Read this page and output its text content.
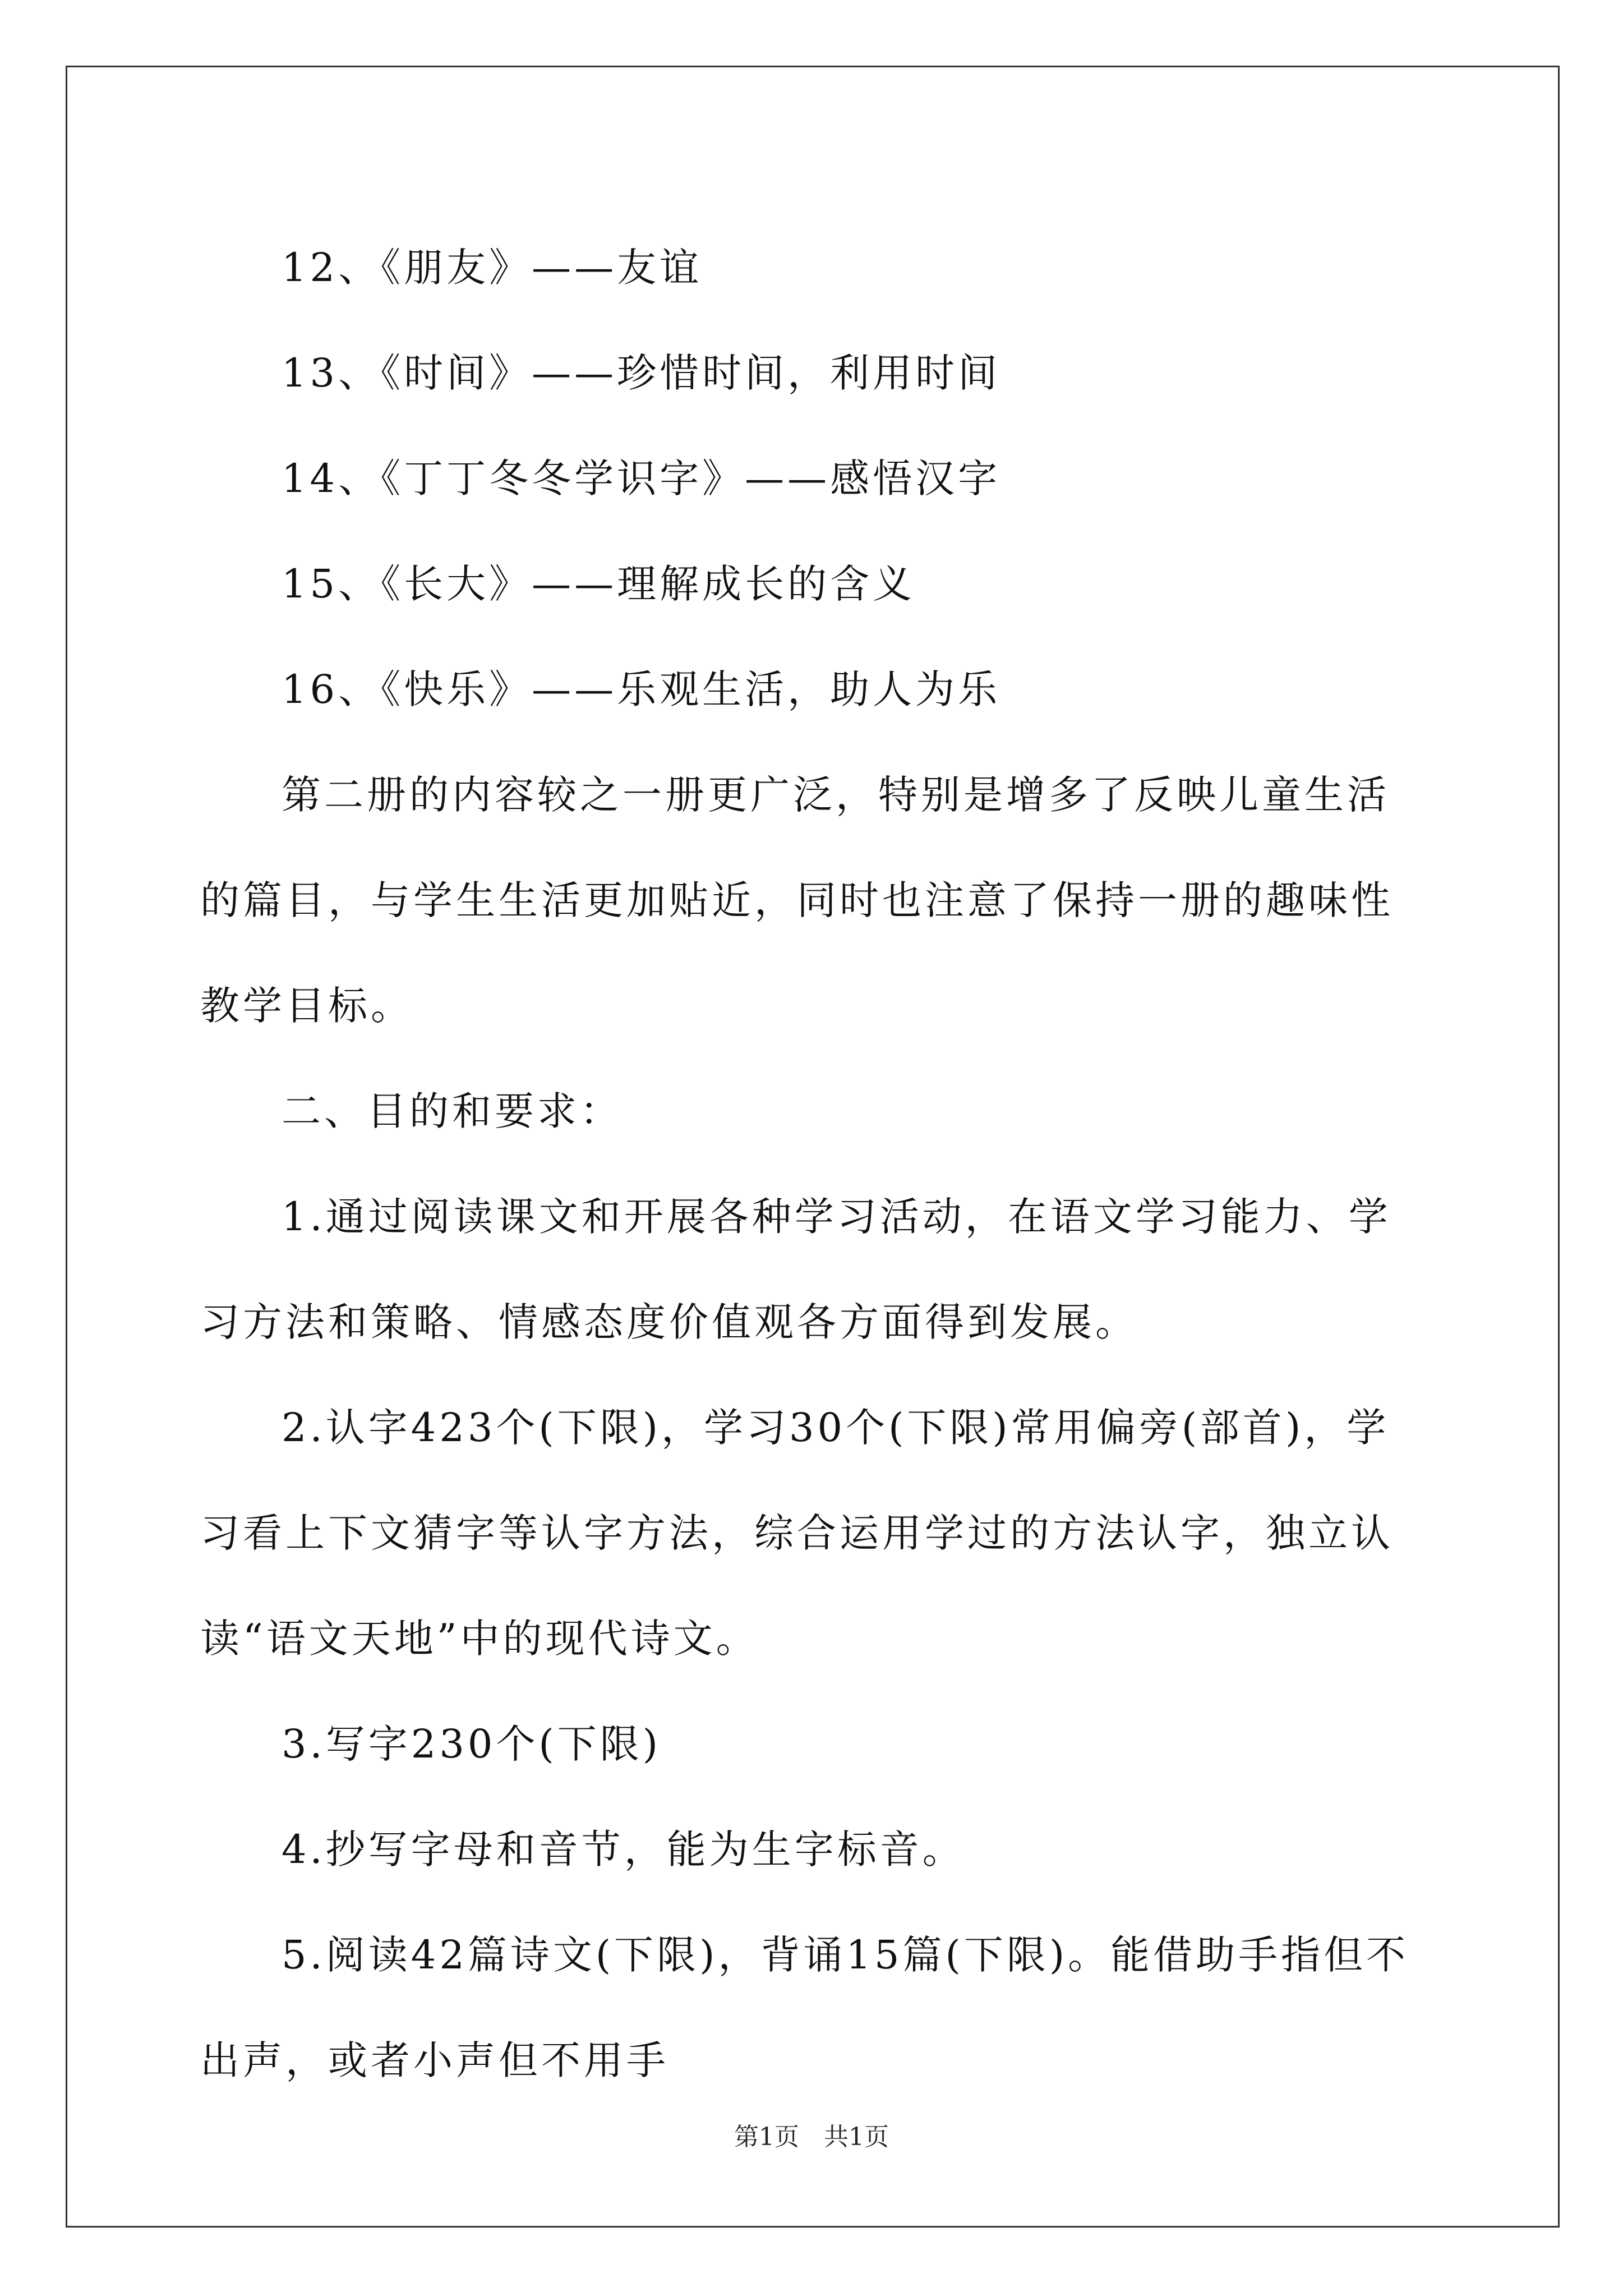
12、《朋友》——友谊

13、《时间》——珍惜时间，利用时间

14、《丁丁冬冬学识字》——感悟汉字

15、《长大》——理解成长的含义

16、《快乐》——乐观生活，助人为乐

第二册的内容较之一册更广泛，特别是增多了反映儿童生活的篇目，与学生生活更加贴近，同时也注意了保持一册的趣味性教学目标。

二、目的和要求：

1.通过阅读课文和开展各种学习活动，在语文学习能力、学习方法和策略、情感态度价值观各方面得到发展。

2.认字423个(下限)，学习30个(下限)常用偏旁(部首)，学习看上下文猜字等认字方法，综合运用学过的方法认字，独立认读“语文天地”中的现代诗文。

3.写字230个(下限)

4.抄写字母和音节，能为生字标音。

5.阅读42篇诗文(下限)，背诵15篇(下限)。能借助手指但不出声，或者小声但不用手

第1页　共1页
